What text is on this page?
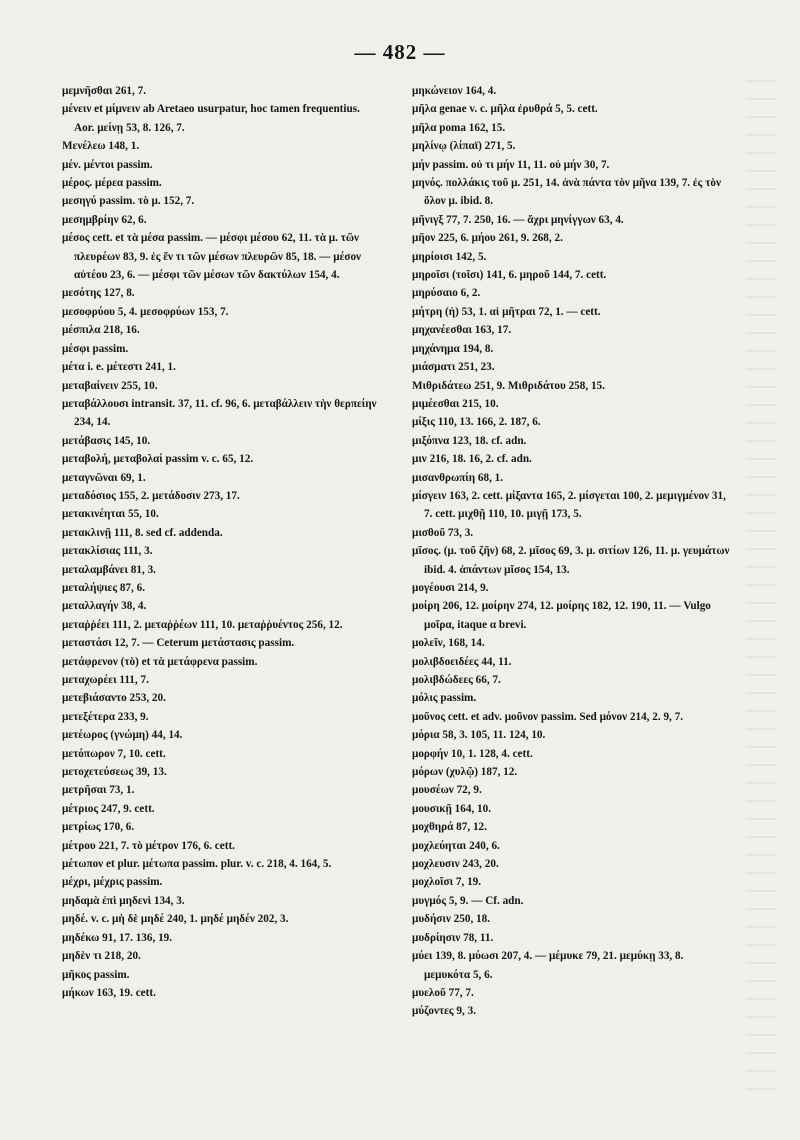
— 482 —
μεμνῆσθαι 261, 7.
μένειν et μίμνειν ab Aretaeo usurpatur, hoc tamen frequentius. Aor. μείνῃ 53, 8. 126, 7.
Μενέλεω 148, 1.
μέν. μέντοι passim.
μέρος. μέρεα passim.
μεσηγύ passim. τὸ μ. 152, 7.
μεσημβρίην 62, 6.
μέσος cett. et τὰ μέσα passim. — μέσφι μέσου 62, 11. τὰ μ. τῶν πλευρέων 83, 9. ἐς ἕν τι τῶν μέσων πλευρῶν 85, 18. — μέσον αὐτέου 23, 6. — μέσφι τῶν μέσων τῶν δακτύλων 154, 4.
μεσότης 127, 8.
μεσοφρύου 5, 4. μεσοφρύων 153, 7.
μέσπιλα 218, 16.
μέσφι passim.
μέτα i. e. μέτεστι 241, 1.
μεταβαίνειν 255, 10.
μεταβάλλουσι intransit. 37, 11. cf. 96, 6. μεταβάλλειν τὴν θερπείην 234, 14.
μετάβασις 145, 10.
μεταβολή, μεταβολαί passim v. c. 65, 12.
μεταγνῶναι 69, 1.
μεταδόσιος 155, 2. μετάδοσιν 273, 17.
μετακινέηται 55, 10.
μετακλινῇ 111, 8. sed cf. addenda.
μετακλίσιας 111, 3.
μεταλαμβάνει 81, 3.
μεταλήψιες 87, 6.
μεταλλαγήν 38, 4.
μεταῤῥέει 111, 2. μεταῤῥέων 111, 10. μεταῤῥυέντος 256, 12.
μεταστάσι 12, 7. — Ceterum μετάστασις passim.
μετάφρενον (τὸ) et τὰ μετάφρενα passim.
μεταχωρέει 111, 7.
μετεβιάσαντο 253, 20.
μετεξέτερα 233, 9.
μετέωρος (γνώμη) 44, 14.
μετόπωρον 7, 10. cett.
μετοχετεύσεως 39, 13.
μετρῆσαι 73, 1.
μέτριος 247, 9. cett.
μετρίως 170, 6.
μέτρου 221, 7. τὸ μέτρον 176, 6. cett.
μέτωπον et plur. μέτωπα passim. plur. v. c. 218, 4. 164, 5.
μέχρι, μέχρις passim.
μηδαμὰ ἐπὶ μηδενὶ 134, 3.
μηδέ. v. c. μὴ δὲ μηδέ 240, 1. μηδέ μηδέν 202, 3.
μηδέκω 91, 17. 136, 19.
μηδὲν τι 218, 20.
μῆκος passim.
μήκων 163, 19. cett.
μηκώνειον 164, 4.
μῆλα genae v. c. μῆλα ἐρυθρά 5, 5. cett.
μῆλα poma 162, 15.
μηλίνῳ (λίπαϊ) 271, 5.
μήν passim. οὐ τι μήν 11, 11. οὐ μήν 30, 7.
μηνός. πολλάκις τοῦ μ. 251, 14. ἀνὰ πάντα τὸν μῆνα 139, 7. ἐς τὸν ὅλον μ. ibid. 8.
μῆνιγξ 77, 7. 250, 16. — ἄχρι μηνίγγων 63, 4.
μῆον 225, 6. μήου 261, 9. 268, 2.
μηρίοισι 142, 5.
μηροῖσι (τοῖσι) 141, 6. μηροῦ 144, 7. cett.
μηρύσαιο 6, 2.
μήτρη (ἡ) 53, 1. αἱ μῆτραι 72, 1. — cett.
μηχανέεσθαι 163, 17.
μηχάνημα 194, 8.
μιάσματι 251, 23.
Μιθριδάτεω 251, 9. Μιθριδάτου 258, 15.
μιμέεσθαι 215, 10.
μίξις 110, 13. 166, 2. 187, 6.
μιξόπνα 123, 18. cf. adn.
μιν 216, 18. 16, 2. cf. adn.
μισανθρωπίη 68, 1.
μίσγειν 163, 2. cett. μίξαντα 165, 2. μίσγεται 100, 2. μεμιγμένον 31, 7. cett. μιχθῇ 110, 10. μιγῇ 173, 5.
μισθοῦ 73, 3.
μῖσος. (μ. τοῦ ζῆν) 68, 2. μῖσος 69, 3. μ. σιτίων 126, 11. μ. γευμάτων ibid. 4. ἁπάντων μῖσος 154, 13.
μογέουσι 214, 9.
μοίρη 206, 12. μοίρην 274, 12. μοίρης 182, 12. 190, 11. — Vulgo μοῖρα, itaque α brevi.
μολεῖν, 168, 14.
μολιβδοειδέες 44, 11.
μολιβδώδεες 66, 7.
μόλις passim.
μοῦνος cett. et adv. μοῦνον passim. Sed μόνον 214, 2. 9, 7.
μόρια 58, 3. 105, 11. 124, 10.
μορφήν 10, 1. 128, 4. cett.
μόρων (χυλῷ) 187, 12.
μουσέων 72, 9.
μουσικῇ 164, 10.
μοχθηρά 87, 12.
μοχλεύηται 240, 6.
μοχλευσιν 243, 20.
μοχλοῖσι 7, 19.
μυγμός 5, 9. — Cf. adn.
μυδήσιν 250, 18.
μυδρίησιν 78, 11.
μύει 139, 8. μύωσι 207, 4. — μέμυκε 79, 21. μεμύκῃ 33, 8. μεμυκότα 5, 6.
μυελοῦ 77, 7.
μύζοντες 9, 3.
